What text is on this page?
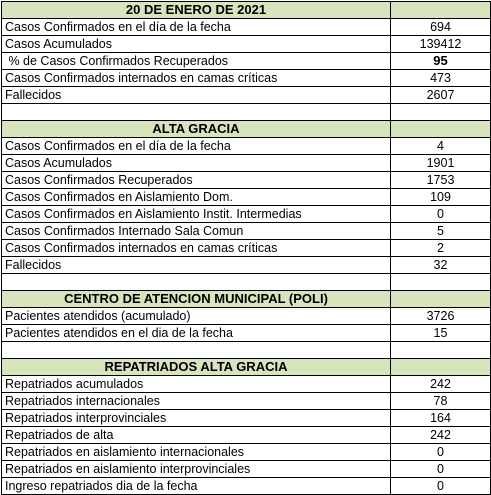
20 DE ENERO DE 2021	
Casos Confirmados en el día de la fecha	694
Casos Acumulados	139412
% de Casos Confirmados Recuperados	95
Casos Confirmados internados en camas críticas	473
Fallecidos	2607

ALTA GRACIA	
Casos Confirmados en el día de la fecha	4
Casos Acumulados	1901
Casos Confirmados Recuperados	1753
Casos Confirmados en Aislamiento Dom.	109
Casos Confirmados en Aislamiento Instit. Intermedias	0
Casos Confirmados Internado Sala Comun	5
Casos Confirmados internados en camas críticas	2
Fallecidos	32

CENTRO DE ATENCION MUNICIPAL (POLI)	
Pacientes atendidos (acumulado)	3726
Pacientes atendidos en el dia de la fecha	15

REPATRIADOS ALTA GRACIA	
Repatriados acumulados	242
Repatriados internacionales	78
Repatriados interprovinciales	164
Repatriados de alta	242
Repatriados en aislamiento internacionales	0
Repatriados en aislamiento interprovinciales	0
Ingreso repatriados dia de la fecha	0
